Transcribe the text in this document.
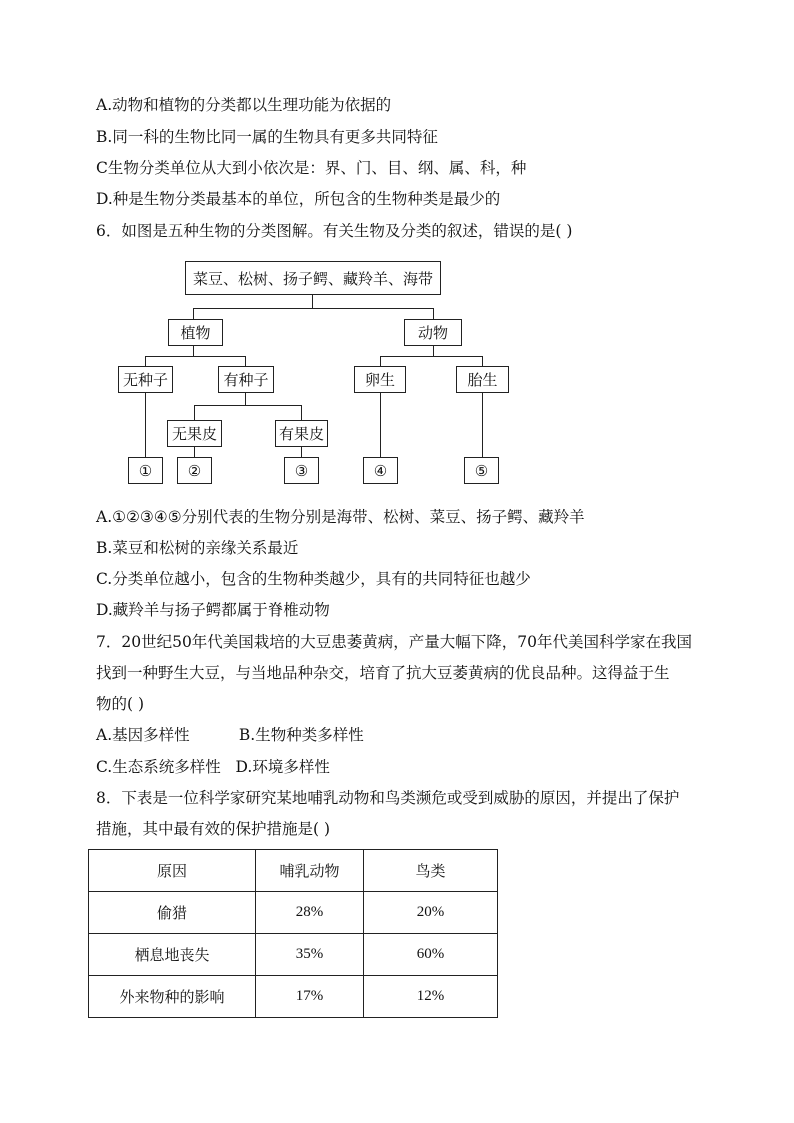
A.动物和植物的分类都以生理功能为依据的
B.同一科的生物比同一属的生物具有更多共同特征
C生物分类单位从大到小依次是：界、门、目、纲、属、科，种
D.种是生物分类最基本的单位，所包含的生物种类是最少的
6．如图是五种生物的分类图解。有关生物及分类的叙述，错误的是( )
菜豆、松树、扬子鳄、藏羚羊、海带
植物	动物
无种子	有种子	卵生	胎生
无果皮	有果皮
①	②	③	④	⑤
A.①②③④⑤分别代表的生物分别是海带、松树、菜豆、扬子鳄、藏羚羊
B.菜豆和松树的亲缘关系最近
C.分类单位越小，包含的生物种类越少，具有的共同特征也越少
D.藏羚羊与扬子鳄都属于脊椎动物
7．20世纪50年代美国栽培的大豆患萎黄病，产量大幅下降，70年代美国科学家在我国
找到一种野生大豆，与当地品种杂交，培育了抗大豆萎黄病的优良品种。这得益于生
物的( )
A.基因多样性          B.生物种类多样性
C.生态系统多样性   D.环境多样性
8．下表是一位科学家研究某地哺乳动物和鸟类濒危或受到威胁的原因，并提出了保护
措施，其中最有效的保护措施是( )
原因	哺乳动物	鸟类
偷猎	28%	20%
栖息地丧失	35%	60%
外来物种的影响	17%	12%
